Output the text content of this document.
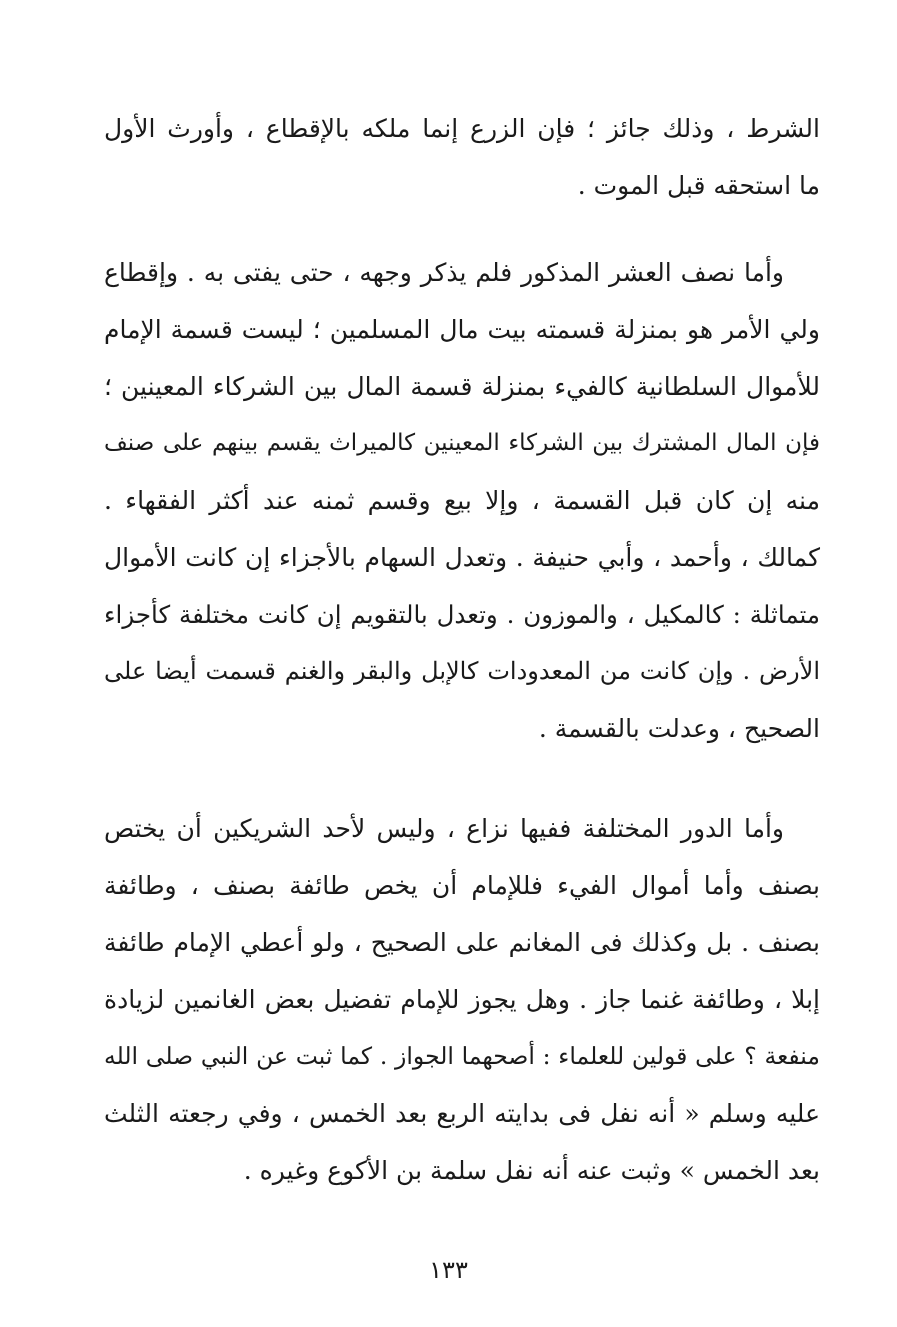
الشرط ، وذلك جائز ؛ فإن الزرع إنما ملكه بالإقطاع ، وأورث الأول
ما استحقه قبل الموت .
وأما نصف العشر المذكور فلم يذكر وجهه ، حتى يفتى به . وإقطاع
ولي الأمر هو بمنزلة قسمته بيت مال المسلمين ؛ ليست قسمة الإمام
للأموال السلطانية كالفيء بمنزلة قسمة المال بين الشركاء المعينين ؛
فإن المال المشترك بين الشركاء المعينين كالميراث يقسم بينهم على صنف
منه إن كان قبل القسمة ، وإلا بيع وقسم ثمنه عند أكثر الفقهاء .
كمالك ، وأحمد ، وأبي حنيفة . وتعدل السهام بالأجزاء إن كانت الأموال
متماثلة : كالمكيل ، والموزون . وتعدل بالتقويم إن كانت مختلفة كأجزاء
الأرض . وإن كانت من المعدودات كالإبل والبقر والغنم قسمت أيضا على
الصحيح ، وعدلت بالقسمة .
وأما الدور المختلفة ففيها نزاع ، وليس لأحد الشريكين أن يختص
بصنف وأما أموال الفيء فللإمام أن يخص طائفة بصنف ، وطائفة
بصنف . بل وكذلك فى المغانم على الصحيح ، ولو أعطي الإمام طائفة
إبلا ، وطائفة غنما جاز . وهل يجوز للإمام تفضيل بعض الغانمين لزيادة
منفعة ؟ على قولين للعلماء : أصحهما الجواز . كما ثبت عن النبي صلى الله
عليه وسلم « أنه نفل فى بدايته الربع بعد الخمس ، وفي رجعته الثلث
بعد الخمس » وثبت عنه أنه نفل سلمة بن الأكوع وغيره .
١٣٣
